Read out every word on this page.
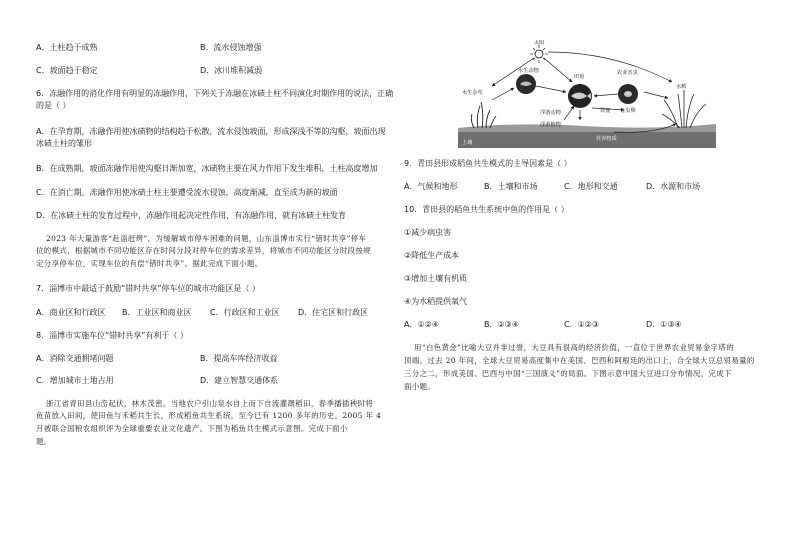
A．土柱趋于成熟	B．流水侵蚀增强
C．坡面趋于稳定	D．冰川堆积减弱
6．冻融作用的消化作用有明显的冻融作用，下列关于冻融在冰碛土柱不同演化时期作用的说法，正确
的是（ ）
A．在孕育期，冻融作用使冰碛物的结构趋于松散，流水侵蚀坡面，形成深浅不等的沟壑，坡面出现
冰碛土柱的雏形
B．在成熟期，坡面冻融作用使沟壑日渐加宽，冰碛物主要在风力作用下发生堆积，土柱高度增加
C．在消亡期，冻融作用使冰碛土柱主要遭受流水侵蚀，高度渐减，直至成为新的坡面
D．在冰碛土柱的发育过程中，冻融作用起决定性作用，有冻融作用，就有冰碛土柱发育
2023 年大量游客“赴淄赶烤”，为缓解城市停车困难的问题，山东淄博市实行“错时共享”停车
位的模式，根据城市不同功能区存在时间分段对停车位的需求差异，将城市不同功能区分时段按规
定分享停车位，实现车位的有偿“错时共享”。据此完成下面小题。
7．淄博市中最适于鼓励“错时共享”停车位的城市功能区是（ ）
A．商业区和行政区 B．工业区和商业区 C．行政区和工业区 D．住宅区和行政区
8．淄博市实施车位“错时共享”有利于（ ）
A．消除交通拥堵问题	B．提高车库经济收益
C．增加城市土地占用	D．建立智慧交通体系
浙江省青田县山峦起伏，林木茂密。当地农户引山泉水自上而下自流灌溉稻田，春季播插秧时将
鱼苗放入田间，使田鱼与禾稻共生长，形成稻鱼共生系统，至今已有 1200 多年的历史。2005 年 4
月被联合国粮农组织评为全球重要农业文化遗产。下图为稻鱼共生模式示意图。完成下面小
题。
太阳
水生动物
水生杂草
田鱼
农业害虫
水稻
浮游动物
浮游植物
粪便 害虫卵
土壤
营养物质
9．青田县形成稻鱼共生模式的主导因素是（ ）
A．气候和地形	B．土壤和市场	C．地形和交通	D．水源和市场
10．青田县的稻鱼共生系统中鱼的作用是（ ）
①减少病虫害
②降低生产成本
③增加土壤有机质
④为水稻提供氧气
A．①②④	B．②③④	C．①②③	D．①③④
用“白色黄金”比喻大豆并非过誉，大豆具有很高的经济价值，一直位于世界农业贸易金字塔的
顶端。过去 20 年间，全球大豆贸易高度集中在美国、巴西和阿根廷的出口上，合全球大豆总贸易量的
三分之二，形成美国、巴西与中国“三国演义”的局面。下图示意中国大豆进口分布情况。完成下
面小题。
